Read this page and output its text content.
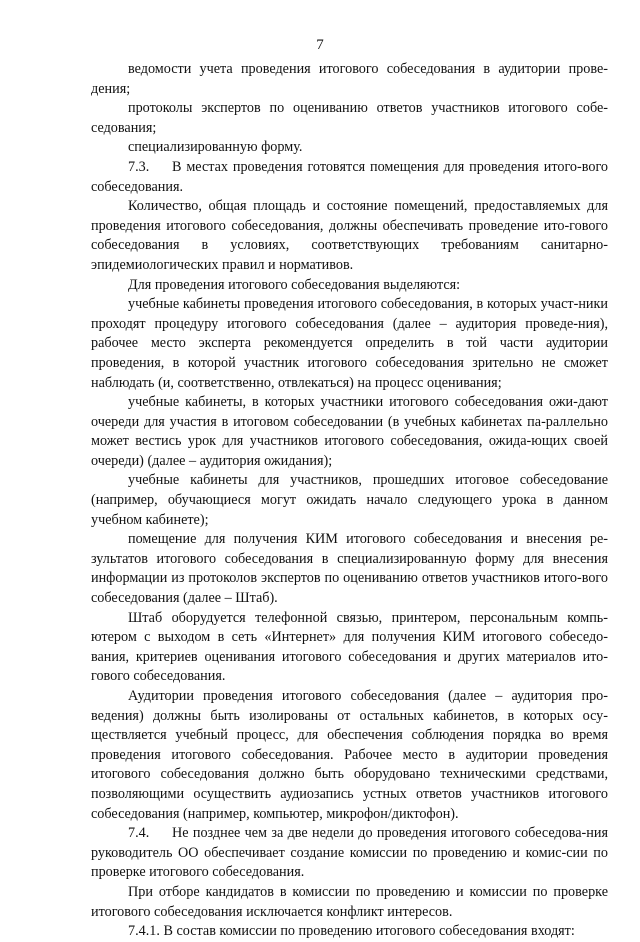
7

ведомости учета проведения итогового собеседования в аудитории прове-дения;

протоколы экспертов по оцениванию ответов участников итогового собе-седования;

специализированную форму.

7.3. В местах проведения готовятся помещения для проведения итого-вого собеседования.

Количество, общая площадь и состояние помещений, предоставляемых для проведения итогового собеседования, должны обеспечивать проведение ито-гового собеседования в условиях, соответствующих требованиям санитарно-эпидемиологических правил и нормативов.

Для проведения итогового собеседования выделяются:

учебные кабинеты проведения итогового собеседования, в которых участ-ники проходят процедуру итогового собеседования (далее – аудитория проведе-ния), рабочее место эксперта рекомендуется определить в той части аудитории проведения, в которой участник итогового собеседования зрительно не сможет наблюдать (и, соответственно, отвлекаться) на процесс оценивания;

учебные кабинеты, в которых участники итогового собеседования ожи-дают очереди для участия в итоговом собеседовании (в учебных кабинетах па-раллельно может вестись урок для участников итогового собеседования, ожида-ющих своей очереди) (далее – аудитория ожидания);

учебные кабинеты для участников, прошедших итоговое собеседование (например, обучающиеся могут ожидать начало следующего урока в данном учебном кабинете);

помещение для получения КИМ итогового собеседования и внесения ре-зультатов итогового собеседования в специализированную форму для внесения информации из протоколов экспертов по оцениванию ответов участников итого-вого собеседования (далее – Штаб).

Штаб оборудуется телефонной связью, принтером, персональным компь-ютером с выходом в сеть «Интернет» для получения КИМ итогового собеседо-вания, критериев оценивания итогового собеседования и других материалов ито-гового собеседования.

Аудитории проведения итогового собеседования (далее – аудитория про-ведения) должны быть изолированы от остальных кабинетов, в которых осу-ществляется учебный процесс, для обеспечения соблюдения порядка во время проведения итогового собеседования. Рабочее место в аудитории проведения итогового собеседования должно быть оборудовано техническими средствами, позволяющими осуществить аудиозапись устных ответов участников итогового собеседования (например, компьютер, микрофон/диктофон).

7.4. Не позднее чем за две недели до проведения итогового собеседова-ния руководитель ОО обеспечивает создание комиссии по проведению и комис-сии по проверке итогового собеседования.

При отборе кандидатов в комиссии по проведению и комиссии по проверке итогового собеседования исключается конфликт интересов.

7.4.1. В состав комиссии по проведению итогового собеседования входят:
